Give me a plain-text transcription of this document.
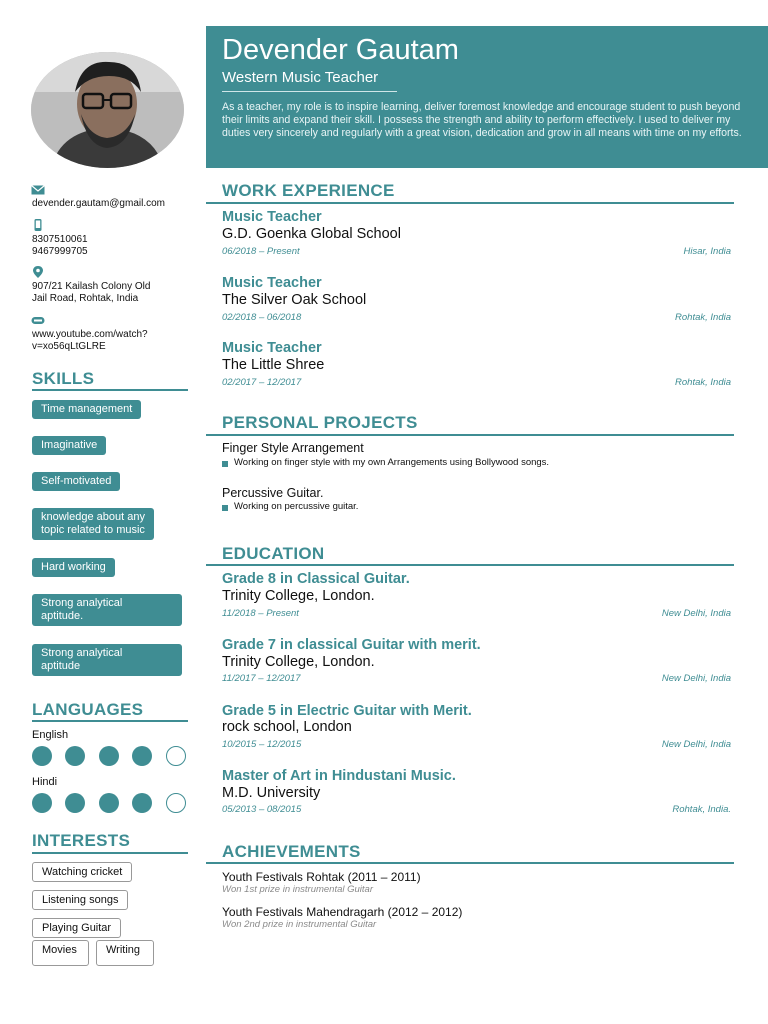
Devender Gautam
Western Music Teacher
As a teacher, my role is to inspire learning, deliver foremost knowledge and encourage student to push beyond their limits and expand their skill. I possess the strength and ability to perform effectively. I used to deliver my duties very sincerely and regularly with a great vision, dedication and grow in all means with time on my efforts.
devender.gautam@gmail.com
8307510061
9467999705
907/21 Kailash Colony Old
Jail Road, Rohtak, India
www.youtube.com/watch?
v=xo56qLtGLRE
SKILLS
Time management
Imaginative
Self-motivated
knowledge about any
topic related to music
Hard working
Strong analytical
aptitude.
Strong analytical
aptitude
LANGUAGES
English
Hindi
INTERESTS
Watching cricket
Listening songs
Playing Guitar
Movies	Writing
WORK EXPERIENCE
Music Teacher
G.D. Goenka Global School
06/2018 – Present	Hisar, India
Music Teacher
The Silver Oak School
02/2018 – 06/2018	Rohtak, India
Music Teacher
The Little Shree
02/2017 – 12/2017	Rohtak, India
PERSONAL PROJECTS
Finger Style Arrangement
Working on finger style with my own Arrangements using Bollywood songs.
Percussive Guitar.
Working on percussive guitar.
EDUCATION
Grade 8 in Classical Guitar.
Trinity College, London.
11/2018 – Present	New Delhi, India
Grade 7 in classical Guitar with merit.
Trinity College, London.
11/2017 – 12/2017	New Delhi, India
Grade 5 in Electric Guitar with Merit.
rock school, London
10/2015 – 12/2015	New Delhi, India
Master of Art in Hindustani Music.
M.D. University
05/2013 – 08/2015	Rohtak, India.
ACHIEVEMENTS
Youth Festivals Rohtak (2011 – 2011)
Won 1st prize in instrumental Guitar
Youth Festivals Mahendragarh (2012 – 2012)
Won 2nd prize in instrumental Guitar
